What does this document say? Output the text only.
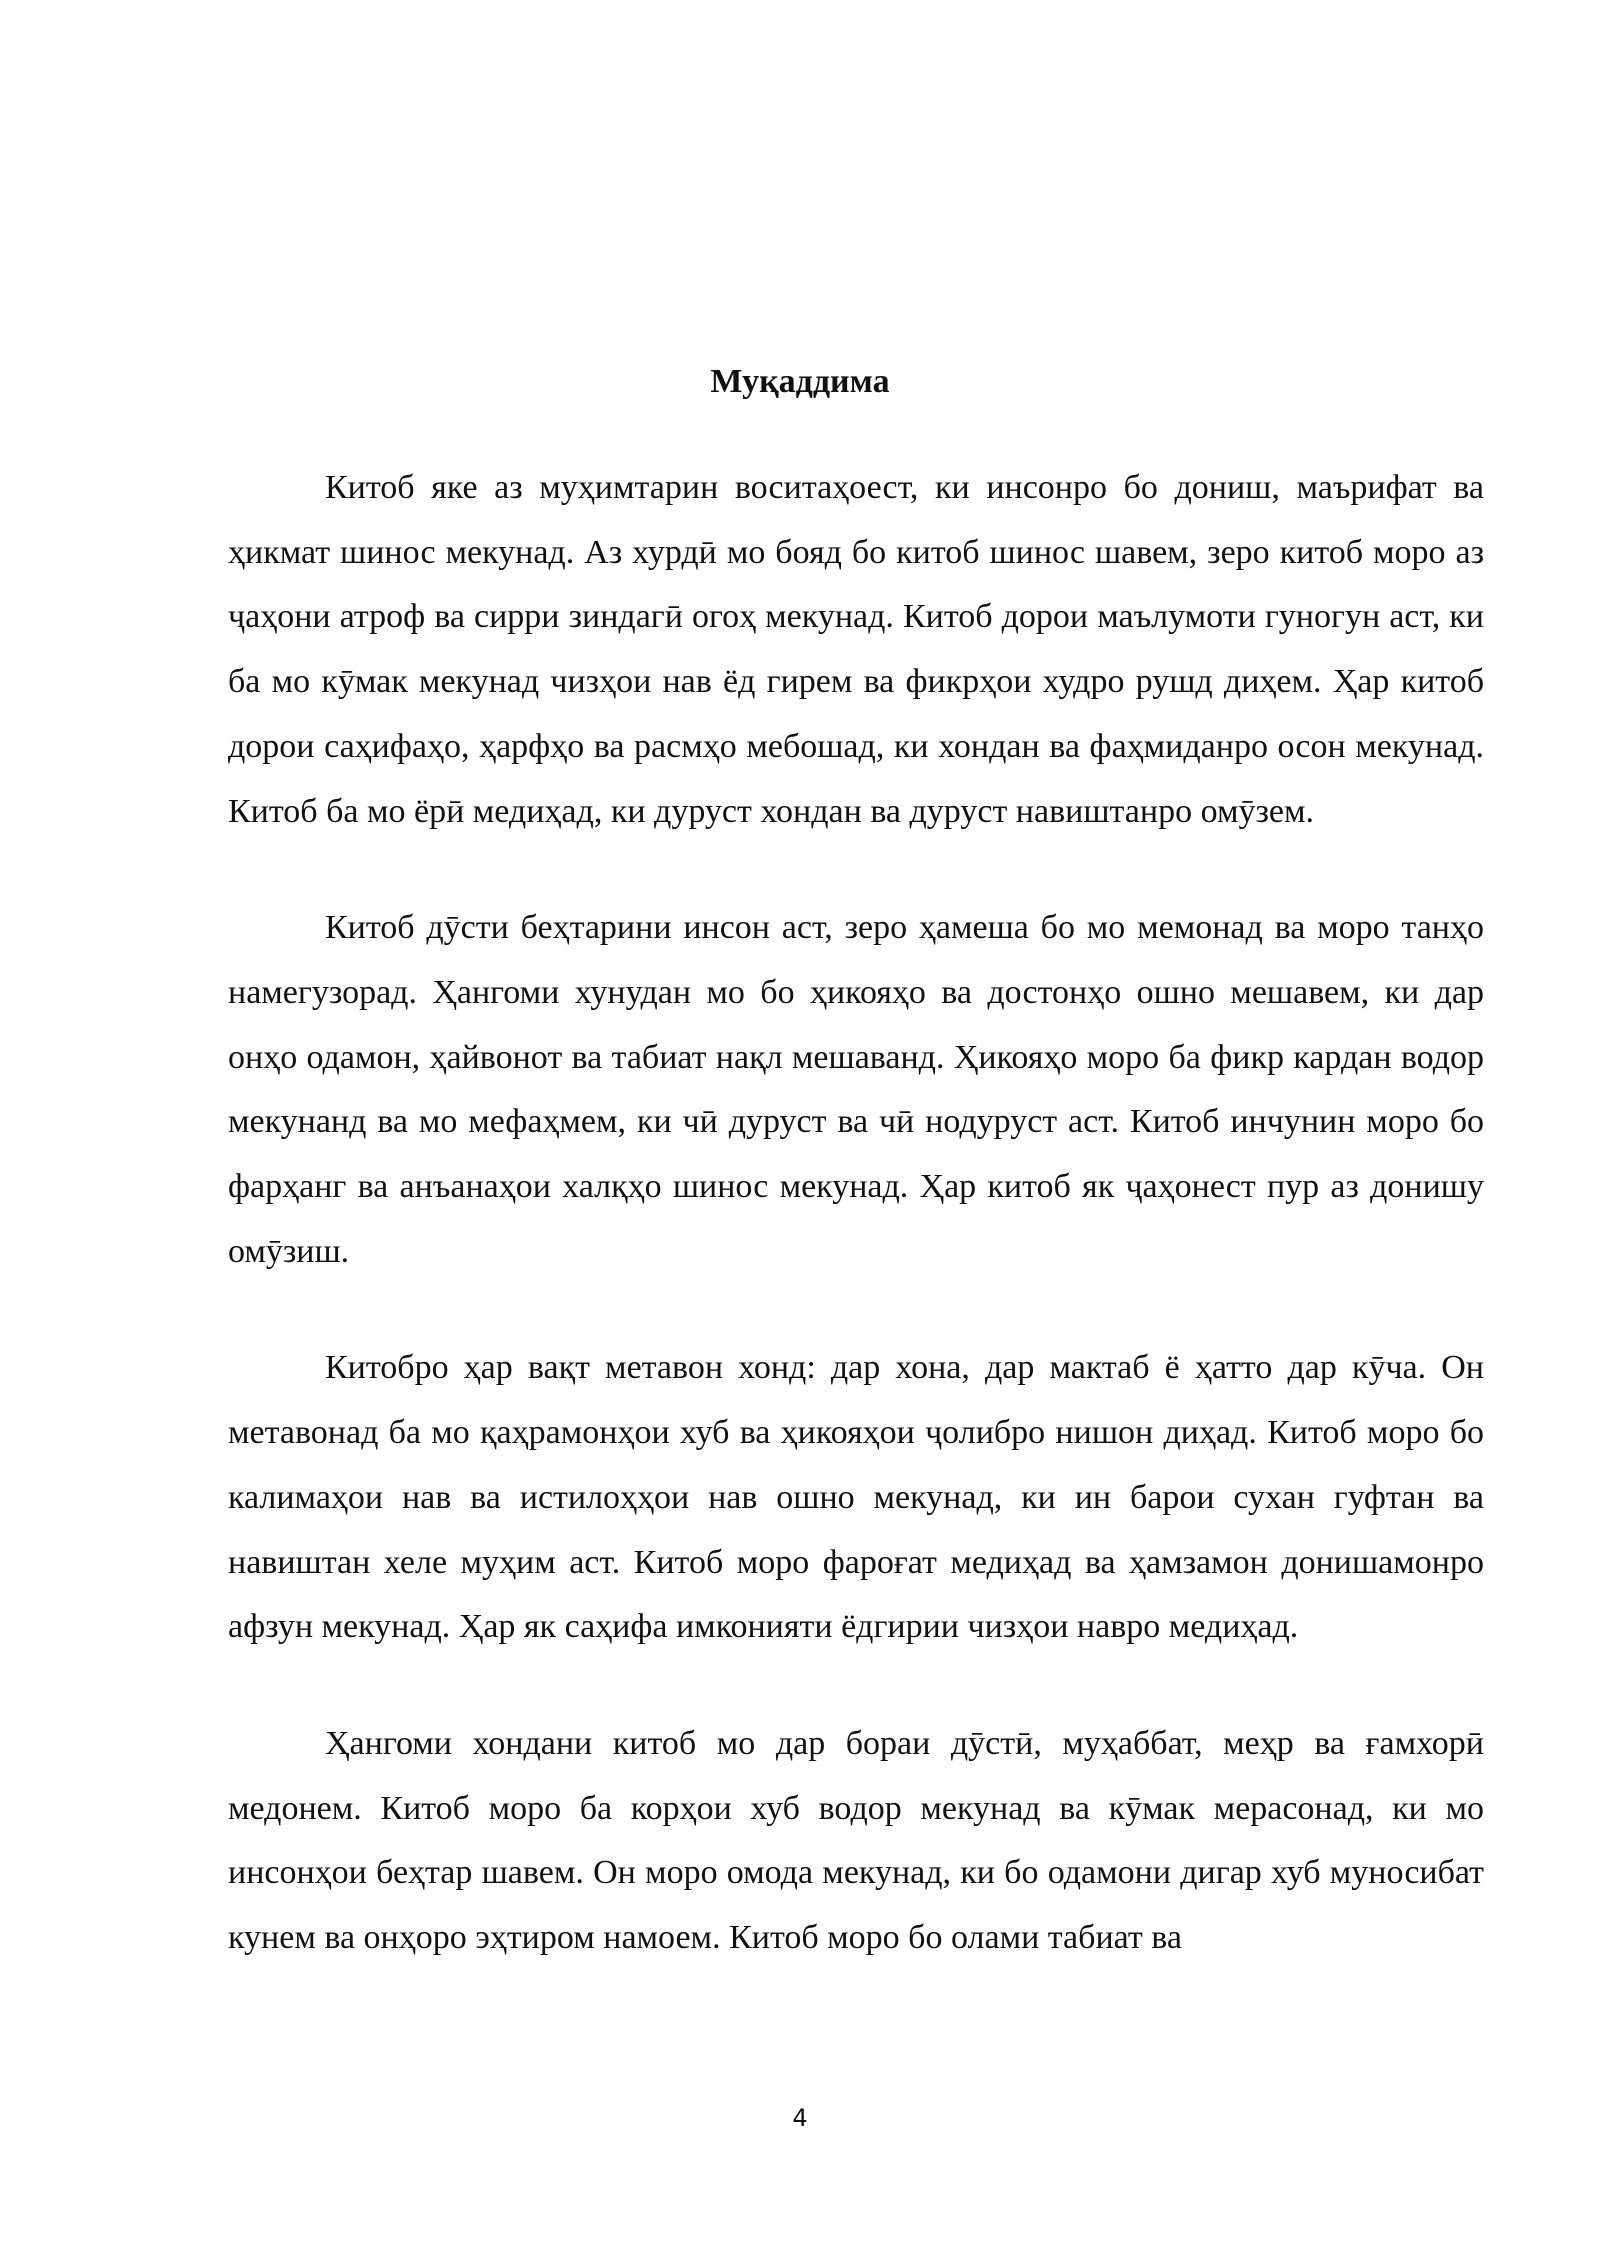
Муқаддима

Китоб яке аз муҳимтарин воситаҳоест, ки инсонро бо дониш, маърифат ва ҳикмат шинос мекунад. Аз хурдӣ мо бояд бо китоб шинос шавем, зеро китоб моро аз ҷаҳони атроф ва сирри зиндагӣ огоҳ мекунад. Китоб дорои маълумоти гуногун аст, ки ба мо кӯмак мекунад чизҳои нав ёд гирем ва фикрҳои худро рушд диҳем. Ҳар китоб дорои саҳифаҳо, ҳарфҳо ва расмҳо мебошад, ки хондан ва фаҳмиданро осон мекунад. Китоб ба мо ёрӣ медиҳад, ки дуруст хондан ва дуруст навиштанро омӯзем.

Китоб дӯсти беҳтарини инсон аст, зеро ҳамеша бо мо мемонад ва моро танҳо намегузорад. Ҳангоми хунудан мо бо ҳикояҳо ва достонҳо ошно мешавем, ки дар онҳо одамон, ҳайвонот ва табиат нақл мешаванд. Ҳикояҳо моро ба фикр кардан водор мекунанд ва мо мефаҳмем, ки чӣ дуруст ва чӣ нодуруст аст. Китоб инчунин моро бо фарҳанг ва анъанаҳои халқҳо шинос мекунад. Ҳар китоб як ҷаҳонест пур аз донишу омӯзиш.

Китобро ҳар вақт метавон хонд: дар хона, дар мактаб ё ҳатто дар кӯча. Он метавонад ба мо қаҳрамонҳои хуб ва ҳикояҳои ҷолибро нишон диҳад. Китоб моро бо калимаҳои нав ва истилоҳҳои нав ошно мекунад, ки ин барои сухан гуфтан ва навиштан хеле муҳим аст. Китоб моро фароғат медиҳад ва ҳамзамон донишамонро афзун мекунад. Ҳар як саҳифа имконияти ёдгирии чизҳои навро медиҳад.

Ҳангоми хондани китоб мо дар бораи дӯстӣ, муҳаббат, меҳр ва ғамхорӣ медонем. Китоб моро ба корҳои хуб водор мекунад ва кӯмак мерасонад, ки мо инсонҳои беҳтар шавем. Он моро омода мекунад, ки бо одамони дигар хуб муносибат кунем ва онҳоро эҳтиром намоем. Китоб моро бо олами табиат ва

4
